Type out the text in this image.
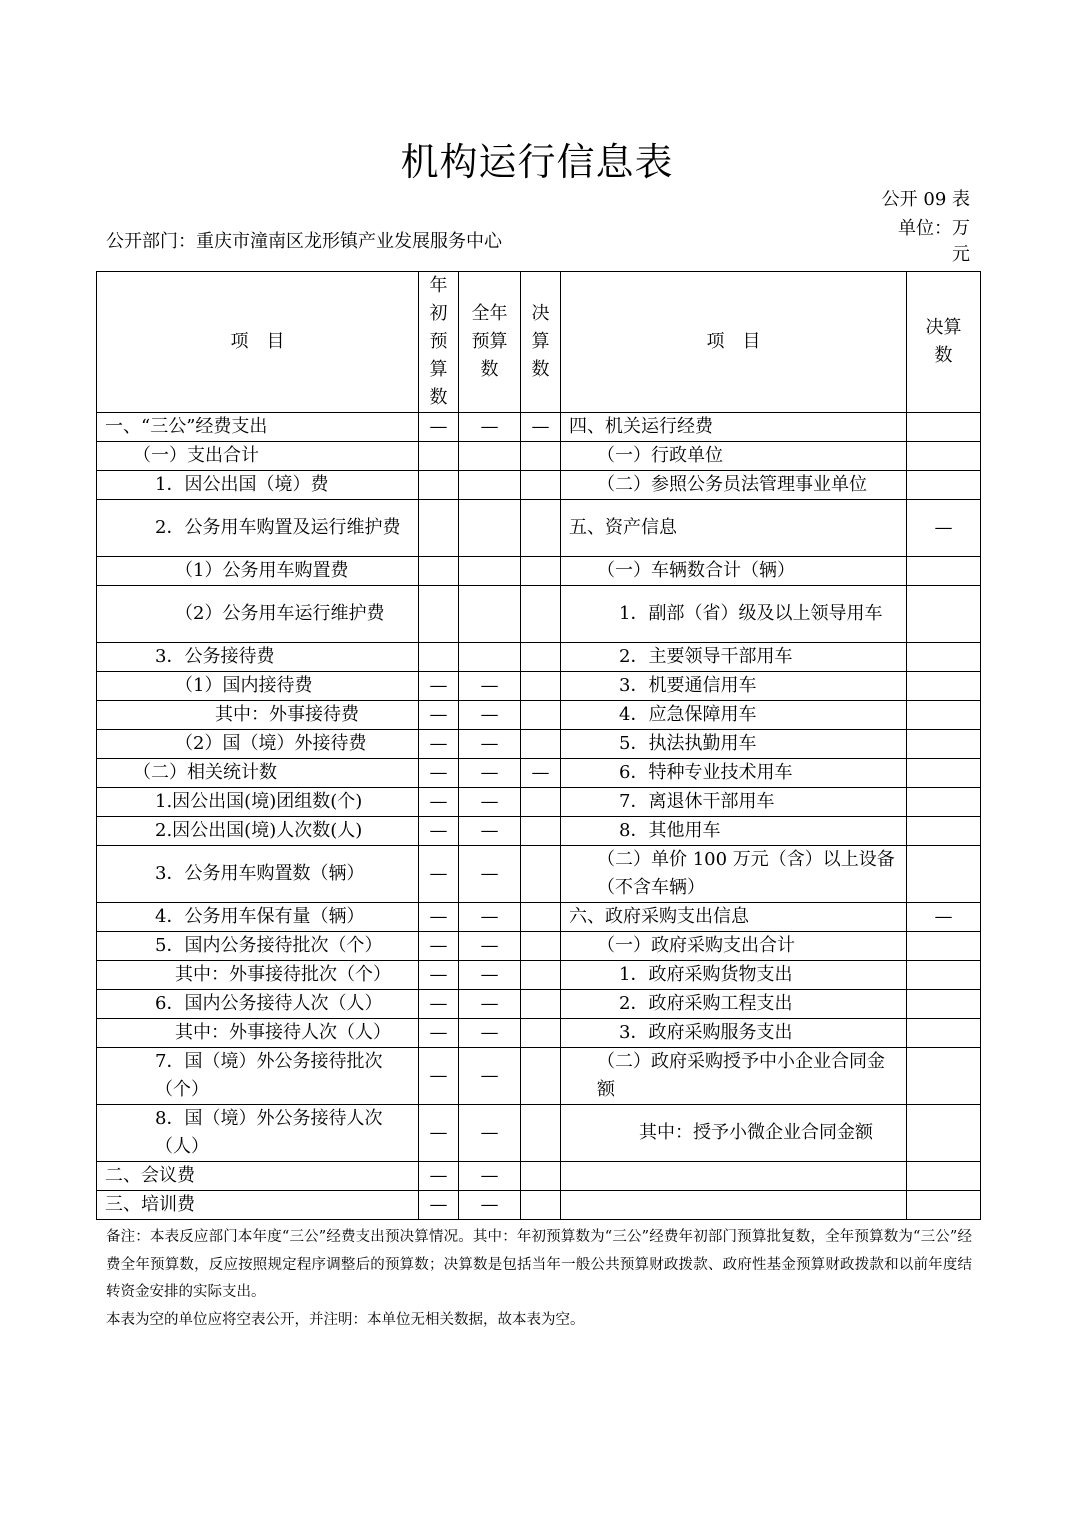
机构运行信息表
公开 09 表
单位：万元
公开部门：重庆市潼南区龙形镇产业发展服务中心
项　目	年初预算数	全年预算数	决算数	项　目	决算数
一、“三公”经费支出	—	—	—	四、机关运行经费	
（一）支出合计				（一）行政单位	
1．因公出国（境）费				（二）参照公务员法管理事业单位	
2．公务用车购置及运行维护费				五、资产信息	—
（1）公务用车购置费				（一）车辆数合计（辆）	
（2）公务用车运行维护费				1．副部（省）级及以上领导用车	
3．公务接待费				2．主要领导干部用车	
（1）国内接待费	—	—		3．机要通信用车	
其中：外事接待费	—	—		4．应急保障用车	
（2）国（境）外接待费	—	—		5．执法执勤用车	
（二）相关统计数	—	—	—	6．特种专业技术用车	
1.因公出国(境)团组数(个)	—	—		7．离退休干部用车	
2.因公出国(境)人次数(人)	—	—		8．其他用车	
3．公务用车购置数（辆）	—	—		（二）单价 100 万元（含）以上设备（不含车辆）	
4．公务用车保有量（辆）	—	—		六、政府采购支出信息	—
5．国内公务接待批次（个）	—	—		（一）政府采购支出合计	
其中：外事接待批次（个）	—	—		1．政府采购货物支出	
6．国内公务接待人次（人）	—	—		2．政府采购工程支出	
其中：外事接待人次（人）	—	—		3．政府采购服务支出	
7．国（境）外公务接待批次（个）	—	—		（二）政府采购授予中小企业合同金额	
8．国（境）外公务接待人次（人）	—	—		其中：授予小微企业合同金额	
二、会议费	—	—			
三、培训费	—	—			

备注：本表反应部门本年度“三公”经费支出预决算情况。其中：年初预算数为“三公”经费年初部门预算批复数，全年预算数为“三公”经费全年预算数，反应按照规定程序调整后的预算数；决算数是包括当年一般公共预算财政拨款、政府性基金预算财政拨款和以前年度结转资金安排的实际支出。

本表为空的单位应将空表公开，并注明：本单位无相关数据，故本表为空。
